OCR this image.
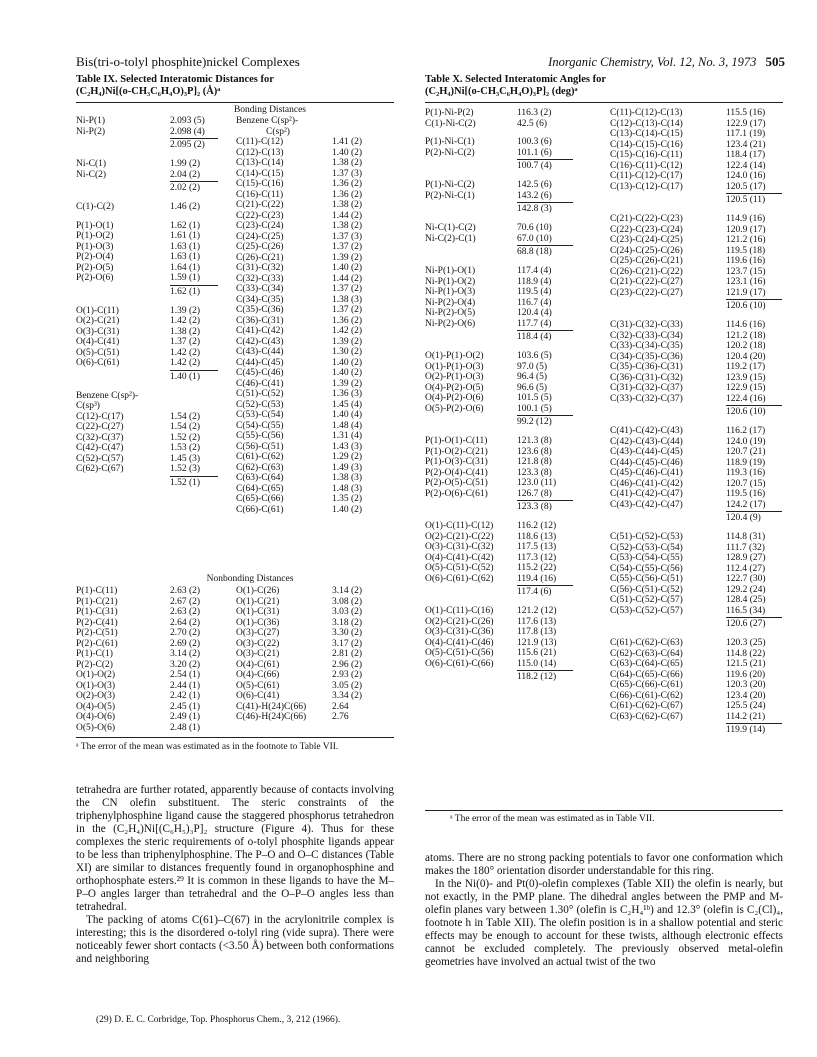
Bis(tri-o-tolyl phosphite)nickel Complexes	Inorganic Chemistry, Vol. 12, No. 3, 1973 505
Table IX. Selected Interatomic Distances for
(C₂H₄)Ni[(o-CH₃C₆H₄O)₃P]₂ (Å)ᵃ
Ni-P(1)	2.093 (5)
Ni-P(2)	2.098 (4)
2.095 (2)
Ni-C(1)	1.99 (2)
Ni-C(2)	2.04 (2)
2.02 (2)
C(1)-C(2)	1.46 (2)
P(1)-O(1)	1.62 (1)
P(1)-O(2)	1.61 (1)
P(1)-O(3)	1.63 (1)
P(2)-O(4)	1.63 (1)
P(2)-O(5)	1.64 (1)
P(2)-O(6)	1.59 (1)
1.62 (1)
O(1)-C(11)	1.39 (2)
O(2)-C(21)	1.42 (2)
O(3)-C(31)	1.38 (2)
O(4)-C(41)	1.37 (2)
O(5)-C(51)	1.42 (2)
O(6)-C(61)	1.42 (2)
1.40 (1)
Benzene C(sp²)-
C(sp³)
C(12)-C(17)	1.54 (2)
C(22)-C(27)	1.54 (2)
C(32)-C(37)	1.52 (2)
C(42)-C(47)	1.53 (2)
C(52)-C(57)	1.45 (3)
C(62)-C(67)	1.52 (3)
1.52 (1)
Bonding Distances
Benzene C(sp²)-
C(sp²)
C(11)-C(12)	1.41 (2)
C(12)-C(13)	1.40 (2)
C(13)-C(14)	1.38 (2)
C(14)-C(15)	1.37 (3)
C(15)-C(16)	1.36 (2)
C(16)-C(11)	1.36 (2)
C(21)-C(22)	1.38 (2)
C(22)-C(23)	1.44 (2)
C(23)-C(24)	1.38 (2)
C(24)-C(25)	1.37 (3)
C(25)-C(26)	1.37 (2)
C(26)-C(21)	1.39 (2)
C(31)-C(32)	1.40 (2)
C(32)-C(33)	1.44 (2)
C(33)-C(34)	1.37 (2)
C(34)-C(35)	1.38 (3)
C(35)-C(36)	1.37 (2)
C(36)-C(31)	1.36 (2)
C(41)-C(42)	1.42 (2)
C(42)-C(43)	1.39 (2)
C(43)-C(44)	1.30 (2)
C(44)-C(45)	1.40 (2)
C(45)-C(46)	1.40 (2)
C(46)-C(41)	1.39 (2)
C(51)-C(52)	1.36 (3)
C(52)-C(53)	1.45 (4)
C(53)-C(54)	1.40 (4)
C(54)-C(55)	1.48 (4)
C(55)-C(56)	1.31 (4)
C(56)-C(51)	1.43 (3)
C(61)-C(62)	1.29 (2)
C(62)-C(63)	1.49 (3)
C(63)-C(64)	1.38 (3)
C(64)-C(65)	1.48 (3)
C(65)-C(66)	1.35 (2)
C(66)-C(61)	1.40 (2)
Nonbonding Distances
P(1)-C(11)	2.63 (2)	O(1)-C(26)	3.14 (2)
P(1)-C(21)	2.67 (2)	O(1)-C(21)	3.08 (2)
P(1)-C(31)	2.63 (2)	O(1)-C(31)	3.03 (2)
P(2)-C(41)	2.64 (2)	O(1)-C(36)	3.18 (2)
P(2)-C(51)	2.70 (2)	O(3)-C(27)	3.30 (2)
P(2)-C(61)	2.69 (2)	O(3)-C(22)	3.17 (2)
P(1)-C(1)	3.14 (2)	O(3)-C(21)	2.81 (2)
P(2)-C(2)	3.20 (2)	O(4)-C(61)	2.96 (2)
O(1)-O(2)	2.54 (1)	O(4)-C(66)	2.93 (2)
O(1)-O(3)	2.44 (1)	O(5)-C(61)	3.05 (2)
O(2)-O(3)	2.42 (1)	O(6)-C(41)	3.34 (2)
O(4)-O(5)	2.45 (1)	C(41)-H(24)C(66)	2.64
O(4)-O(6)	2.49 (1)	C(46)-H(24)C(66)	2.76
O(5)-O(6)	2.48 (1)
ᵃ The error of the mean was estimated as in the footnote to Table VII.
Table X. Selected Interatomic Angles for
(C₂H₄)Ni[(o-CH₃C₆H₄O)₃P]₂ (deg)ᵃ
P(1)-Ni-P(2)	116.3 (2)
C(1)-Ni-C(2)	42.5 (6)
P(1)-Ni-C(1)	100.3 (6)
P(2)-Ni-C(2)	101.1 (6)
100.7 (4)
P(1)-Ni-C(2)	142.5 (6)
P(2)-Ni-C(1)	143.2 (6)
142.8 (3)
Ni-C(1)-C(2)	70.6 (10)
Ni-C(2)-C(1)	67.0 (10)
68.8 (18)
Ni-P(1)-O(1)	117.4 (4)
Ni-P(1)-O(2)	118.9 (4)
Ni-P(1)-O(3)	119.5 (4)
Ni-P(2)-O(4)	116.7 (4)
Ni-P(2)-O(5)	120.4 (4)
Ni-P(2)-O(6)	117.7 (4)
118.4 (4)
O(1)-P(1)-O(2)	103.6 (5)
O(1)-P(1)-O(3)	97.0 (5)
O(2)-P(1)-O(3)	96.4 (5)
O(4)-P(2)-O(5)	96.6 (5)
O(4)-P(2)-O(6)	101.5 (5)
O(5)-P(2)-O(6)	100.1 (5)
99.2 (12)
P(1)-O(1)-C(11)	121.3 (8)
P(1)-O(2)-C(21)	123.6 (8)
P(1)-O(3)-C(31)	121.8 (8)
P(2)-O(4)-C(41)	123.3 (8)
P(2)-O(5)-C(51)	123.0 (11)
P(2)-O(6)-C(61)	126.7 (8)
123.3 (8)
O(1)-C(11)-C(12)	116.2 (12)
O(2)-C(21)-C(22) 118.6 (13)
O(3)-C(31)-C(32) 117.5 (13)
O(4)-C(41)-C(42) 117.3 (12)
O(5)-C(51)-C(52) 115.2 (22)
O(6)-C(61)-C(62) 119.4 (16)
117.4 (6)
O(1)-C(11)-C(16)	121.2 (12)
O(2)-C(21)-C(26) 117.6 (13)
O(3)-C(31)-C(36) 117.8 (13)
O(4)-C(41)-C(46) 121.9 (13)
O(5)-C(51)-C(56) 115.6 (21)
O(6)-C(61)-C(66) 115.0 (14)
118.2 (12)
C(11)-C(12)-C(13)	115.5 (16)
C(12)-C(13)-C(14)	122.9 (17)
C(13)-C(14)-C(15)	117.1 (19)
C(14)-C(15)-C(16)	123.4 (21)
C(15)-C(16)-C(11)	118.4 (17)
C(16)-C(11)-C(12)	122.4 (14)
C(11)-C(12)-C(17)	124.0 (16)
C(13)-C(12)-C(17)	120.5 (17)
120.5 (11)
C(21)-C(22)-C(23)	114.9 (16)
C(22)-C(23)-C(24)	120.9 (17)
C(23)-C(24)-C(25)	121.2 (16)
C(24)-C(25)-C(26)	119.5 (18)
C(25)-C(26)-C(21)	119.6 (16)
C(26)-C(21)-C(22)	123.7 (15)
C(21)-C(22)-C(27)	123.1 (16)
C(23)-C(22)-C(27)	121.9 (17)
120.6 (10)
C(31)-C(32)-C(33)	114.6 (16)
C(32)-C(33)-C(34)	121.2 (18)
C(33)-C(34)-C(35)	120.2 (18)
C(34)-C(35)-C(36)	120.4 (20)
C(35)-C(36)-C(31)	119.2 (17)
C(36)-C(31)-C(32)	123.9 (15)
C(31)-C(32)-C(37)	122.9 (15)
C(33)-C(32)-C(37)	122.4 (16)
120.6 (10)
C(41)-C(42)-C(43)	116.2 (17)
C(42)-C(43)-C(44)	124.0 (19)
C(43)-C(44)-C(45)	120.7 (21)
C(44)-C(45)-C(46)	118.9 (19)
C(45)-C(46)-C(41)	119.3 (16)
C(46)-C(41)-C(42)	120.7 (15)
C(41)-C(42)-C(47)	119.5 (16)
C(43)-C(42)-C(47)	124.2 (17)
120.4 (9)
C(51)-C(52)-C(53)	114.8 (31)
C(52)-C(53)-C(54)	111.7 (32)
C(53)-C(54)-C(55)	128.9 (27)
C(54)-C(55)-C(56)	112.4 (27)
C(55)-C(56)-C(51)	122.7 (30)
C(56)-C(51)-C(52)	129.2 (24)
C(51)-C(52)-C(57)	128.4 (25)
C(53)-C(52)-C(57)	116.5 (34)
120.6 (27)
C(61)-C(62)-C(63)	120.3 (25)
C(62)-C(63)-C(64)	114.8 (22)
C(63)-C(64)-C(65)	121.5 (21)
C(64)-C(65)-C(66)	119.6 (20)
C(65)-C(66)-C(61)	120.3 (20)
C(66)-C(61)-C(62)	123.4 (20)
C(61)-C(62)-C(67)	125.5 (24)
C(63)-C(62)-C(67)	114.2 (21)
119.9 (14)
ᵃ The error of the mean was estimated as in Table VII.

tetrahedra are further rotated, apparently because of contacts involving the CN olefin substituent. The steric constraints of the triphenylphosphine ligand cause the staggered phosphorus tetrahedron in the (C₂H₄)Ni[(C₆H₅)₃P]₂ structure (Figure 4). Thus for these complexes the steric requirements of o-tolyl phosphite ligands appear to be less than triphenylphosphine. The P–O and O–C distances (Table XI) are similar to distances frequently found in organophosphine and orthophosphate esters.²⁹ It is common in these ligands to have the M–P–O angles larger than tetrahedral and the O–P–O angles less than tetrahedral.

The packing of atoms C(61)–C(67) in the acrylonitrile complex is interesting; this is the disordered o-tolyl ring (vide supra). There were noticeably fewer short contacts (<3.50 Å) between both conformations and neighboring

(29) D. E. C. Corbridge, Top. Phosphorus Chem., 3, 212 (1966).

atoms. There are no strong packing potentials to favor one conformation which makes the 180° orientation disorder understandable for this ring.

In the Ni(0)- and Pt(0)-olefin complexes (Table XII) the olefin is nearly, but not exactly, in the PMP plane. The dihedral angles between the PMP and M-olefin planes vary between 1.30° (olefin is C₂H₄¹ᵇ) and 12.3° (olefin is C₂(Cl)₄, footnote h in Table XII). The olefin position is in a shallow potential and steric effects may be enough to account for these twists, although electronic effects cannot be excluded completely. The previously observed metal-olefin geometries have involved an actual twist of the two
